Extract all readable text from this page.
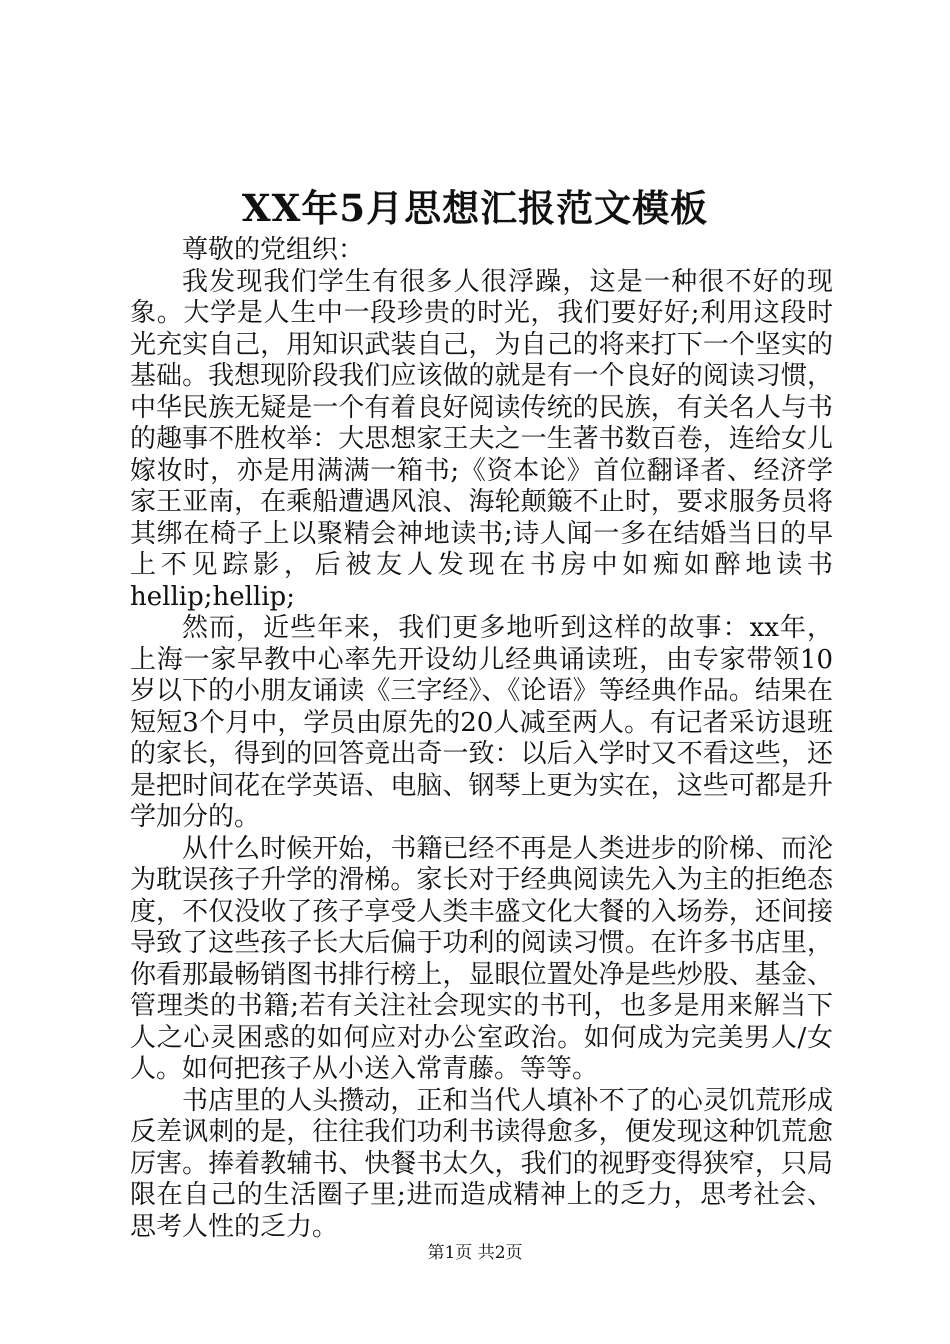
XX年5月思想汇报范文模板

尊敬的党组织：

我发现我们学生有很多人很浮躁，这是一种很不好的现象。大学是人生中一段珍贵的时光，我们要好好;利用这段时光充实自己，用知识武装自己，为自己的将来打下一个坚实的基础。我想现阶段我们应该做的就是有一个良好的阅读习惯，中华民族无疑是一个有着良好阅读传统的民族，有关名人与书的趣事不胜枚举：大思想家王夫之一生著书数百卷，连给女儿嫁妆时，亦是用满满一箱书;《资本论》首位翻译者、经济学家王亚南，在乘船遭遇风浪、海轮颠簸不止时，要求服务员将其绑在椅子上以聚精会神地读书;诗人闻一多在结婚当日的早上不见踪影，后被友人发现在书房中如痴如醉地读书hellip;hellip;

然而，近些年来，我们更多地听到这样的故事：xx年，上海一家早教中心率先开设幼儿经典诵读班，由专家带领10岁以下的小朋友诵读《三字经》、《论语》等经典作品。结果在短短3个月中，学员由原先的20人减至两人。有记者采访退班的家长，得到的回答竟出奇一致：以后入学时又不看这些，还是把时间花在学英语、电脑、钢琴上更为实在，这些可都是升学加分的。

从什么时候开始，书籍已经不再是人类进步的阶梯、而沦为耽误孩子升学的滑梯。家长对于经典阅读先入为主的拒绝态度，不仅没收了孩子享受人类丰盛文化大餐的入场券，还间接导致了这些孩子长大后偏于功利的阅读习惯。在许多书店里，你看那最畅销图书排行榜上，显眼位置处净是些炒股、基金、管理类的书籍;若有关注社会现实的书刊，也多是用来解当下人之心灵困惑的如何应对办公室政治。如何成为完美男人/女人。如何把孩子从小送入常青藤。等等。

书店里的人头攒动，正和当代人填补不了的心灵饥荒形成反差讽刺的是，往往我们功利书读得愈多，便发现这种饥荒愈厉害。捧着教辅书、快餐书太久，我们的视野变得狭窄，只局限在自己的生活圈子里;进而造成精神上的乏力，思考社会、思考人性的乏力。

第1页 共2页
